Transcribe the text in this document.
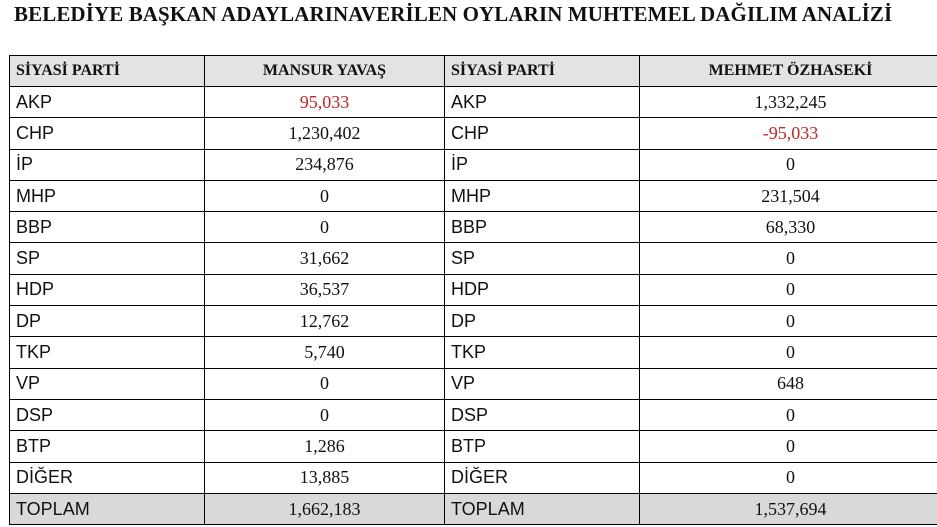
BELEDİYE BAŞKAN ADAYLARINAVERİLEN OYLARIN MUHTEMEL DAĞILIM ANALİZİ
SİYASİ PARTİ	MANSUR YAVAŞ	SİYASİ PARTİ	MEHMET ÖZHASEKİ
AKP	95,033	AKP	1,332,245
CHP	1,230,402	CHP	-95,033
İP	234,876	İP	0
MHP	0	MHP	231,504
BBP	0	BBP	68,330
SP	31,662	SP	0
HDP	36,537	HDP	0
DP	12,762	DP	0
TKP	5,740	TKP	0
VP	0	VP	648
DSP	0	DSP	0
BTP	1,286	BTP	0
DİĞER	13,885	DİĞER	0
TOPLAM	1,662,183	TOPLAM	1,537,694
